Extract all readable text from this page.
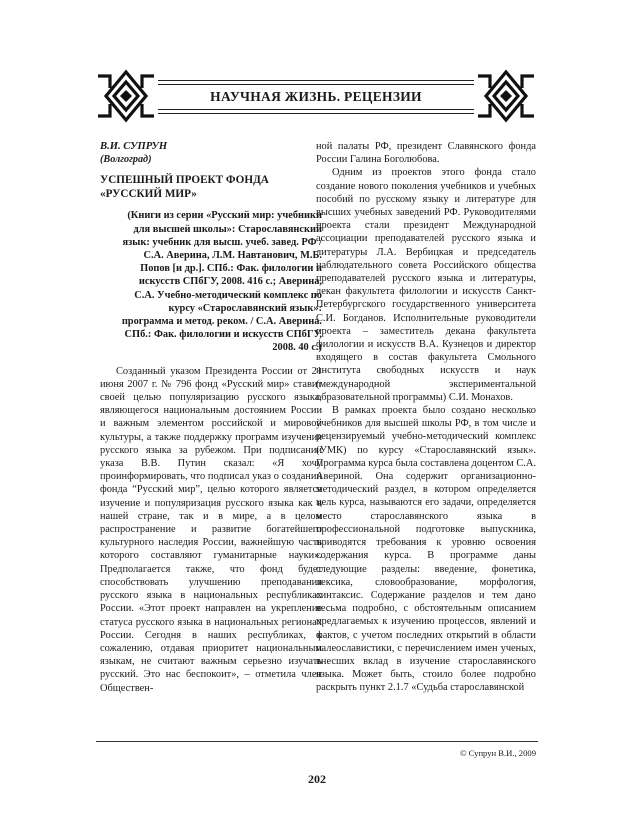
НАУЧНАЯ ЖИЗНЬ. РЕЦЕНЗИИ
В.И. СУПРУН
(Волгоград)
УСПЕШНЫЙ ПРОЕКТ ФОНДА «РУССКИЙ МИР»
(Книги из серии «Русский мир: учебники для высшей школы»: Старославянский язык: учебник для высш. учеб. завед. РФ / С.А. Аверина, Л.М. Навтанович, М.Б. Попов [и др.]. СПб.: Фак. филологии и искусств СПбГУ, 2008. 416 с.; Аверина, С.А. Учебно-методический комплекс по курсу «Старославянский язык»: программа и метод. реком. / С.А. Аверина. СПб.: Фак. филологии и искусств СПбГУ, 2008. 40 с.)

Созданный указом Президента России от 21 июня 2007 г. № 796 фонд «Русский мир» ставит своей целью популяризацию русского языка, являющегося национальным достоянием России и важным элементом российской и мировой культуры, а также поддержку программ изучения русского языка за рубежом. При подписании указа В.В. Путин сказал: «Я хочу проинформировать, что подписал указ о создании фонда “Русский мир”, целью которого является изучение и популяризация русского языка как в нашей стране, так и в мире, а в целом распространение и развитие богатейшего культурного наследия России, важнейшую часть которого составляют гуманитарные науки». Предполагается также, что фонд будет способствовать улучшению преподавания русского языка в национальных республиках России. «Этот проект направлен на укрепление статуса русского языка в национальных регионах России. Сегодня в наших республиках, к сожалению, отдавая приоритет национальным языкам, не считают важным серьезно изучать русский. Это нас беспокоит», – отметила член Обществен-

ной палаты РФ, президент Славянского фонда России Галина Боголюбова.

Одним из проектов этого фонда стало создание нового поколения учебников и учебных пособий по русскому языку и литературе для высших учебных заведений РФ. Руководителями проекта стали президент Международной ассоциации преподавателей русского языка и литературы Л.А. Вербицкая и председатель наблюдательного совета Российского общества преподавателей русского языка и литературы, декан факультета филологии и искусств Санкт-Петербургского государственного университета С.И. Богданов. Исполнительные руководители проекта – заместитель декана факультета филологии и искусств В.А. Кузнецов и директор входящего в состав факультета Смольного института свободных искусств и наук (международной экспериментальной образовательной программы) С.И. Монахов.

В рамках проекта было создано несколько учебников для высшей школы РФ, в том числе и рецензируемый учебно-методический комплекс (УМК) по курсу «Старославянский язык». Программа курса была составлена доцентом С.А. Авериной. Она содержит организационно-методический раздел, в котором определяется цель курса, называются его задачи, определяется место старославянского языка в профессиональной подготовке выпускника, приводятся требования к уровню освоения содержания курса. В программе даны следующие разделы: введение, фонетика, лексика, словообразование, морфология, синтаксис. Содержание разделов и тем дано весьма подробно, с обстоятельным описанием предлагаемых к изучению процессов, явлений и фактов, с учетом последних открытий в области палеославистики, с перечислением имен ученых, внесших вклад в изучение старославянского языка. Может быть, стоило более подробно раскрыть пункт 2.1.7 «Судьба старославянской

© Супрун В.И., 2009
202
